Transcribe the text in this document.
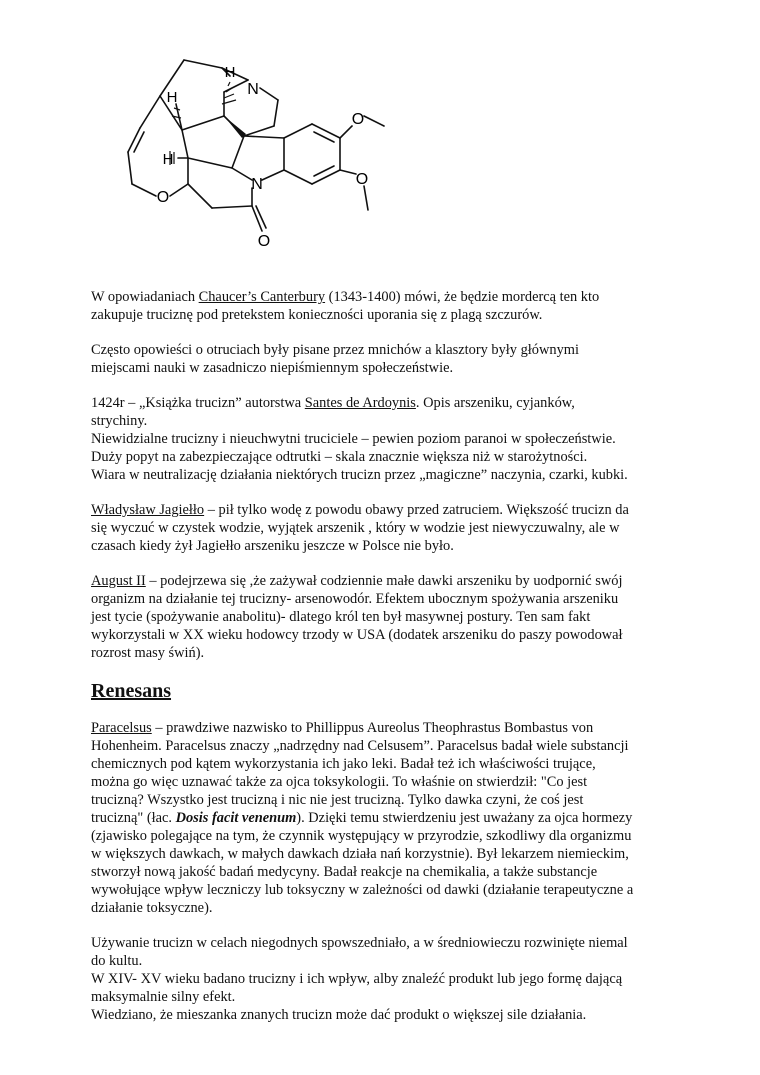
N
N
O
O
O
O
H
H
H
W opowiadaniach Chaucer’s Canterbury (1343-1400) mówi, że będzie mordercą ten kto
zakupuje truciznę pod pretekstem konieczności uporania się z plagą szczurów.
Często opowieści o otruciach były pisane przez mnichów a klasztory były głównymi
miejscami nauki w zasadniczo niepiśmiennym społeczeństwie.
1424r – „Książka trucizn” autorstwa Santes de Ardoynis. Opis arszeniku, cyjanków,
strychiny.
Niewidzialne trucizny i nieuchwytni truciciele – pewien poziom paranoi w społeczeństwie.
Duży popyt na zabezpieczające odtrutki – skala znacznie większa niż w starożytności.
Wiara w neutralizację działania niektórych trucizn przez „magiczne” naczynia, czarki, kubki.
Władysław Jagiełło – pił tylko wodę z powodu obawy przed zatruciem. Większość trucizn da
się wyczuć w czystek wodzie, wyjątek arszenik , który w wodzie jest niewyczuwalny, ale w
czasach kiedy żył Jagiełło arszeniku jeszcze w Polsce nie było.
August II – podejrzewa się ,że zażywał codziennie małe dawki arszeniku by uodpornić swój
organizm na działanie tej trucizny- arsenowodór. Efektem ubocznym spożywania arszeniku
jest tycie (spożywanie anabolitu)- dlatego król ten był masywnej postury. Ten sam fakt
wykorzystali w XX wieku hodowcy trzody w USA (dodatek arszeniku do paszy powodował
rozrost masy świń).
Renesans
Paracelsus – prawdziwe nazwisko to Phillippus Aureolus Theophrastus Bombastus von
Hohenheim. Paracelsus znaczy „nadrzędny nad Celsusem”. Paracelsus badał wiele substancji
chemicznych pod kątem wykorzystania ich jako leki. Badał też ich właściwości trujące,
można go więc uznawać także za ojca toksykologii. To właśnie on stwierdził: "Co jest
trucizną? Wszystko jest trucizną i nic nie jest trucizną. Tylko dawka czyni, że coś jest
trucizną" (łac. Dosis facit venenum). Dzięki temu stwierdzeniu jest uważany za ojca hormezy
(zjawisko polegające na tym, że czynnik występujący w przyrodzie, szkodliwy dla organizmu
w większych dawkach, w małych dawkach działa nań korzystnie). Był lekarzem niemieckim,
stworzył nową jakość badań medycyny. Badał reakcje na chemikalia, a także substancje
wywołujące wpływ leczniczy lub toksyczny w zależności od dawki (działanie terapeutyczne a
działanie toksyczne).
Używanie trucizn w celach niegodnych spowszedniało, a w średniowieczu rozwinięte niemal
do kultu.
W XIV- XV wieku badano trucizny i ich wpływ, alby znaleźć produkt lub jego formę dającą
maksymalnie silny efekt.
Wiedziano, że mieszanka znanych trucizn może dać produkt o większej sile działania.
